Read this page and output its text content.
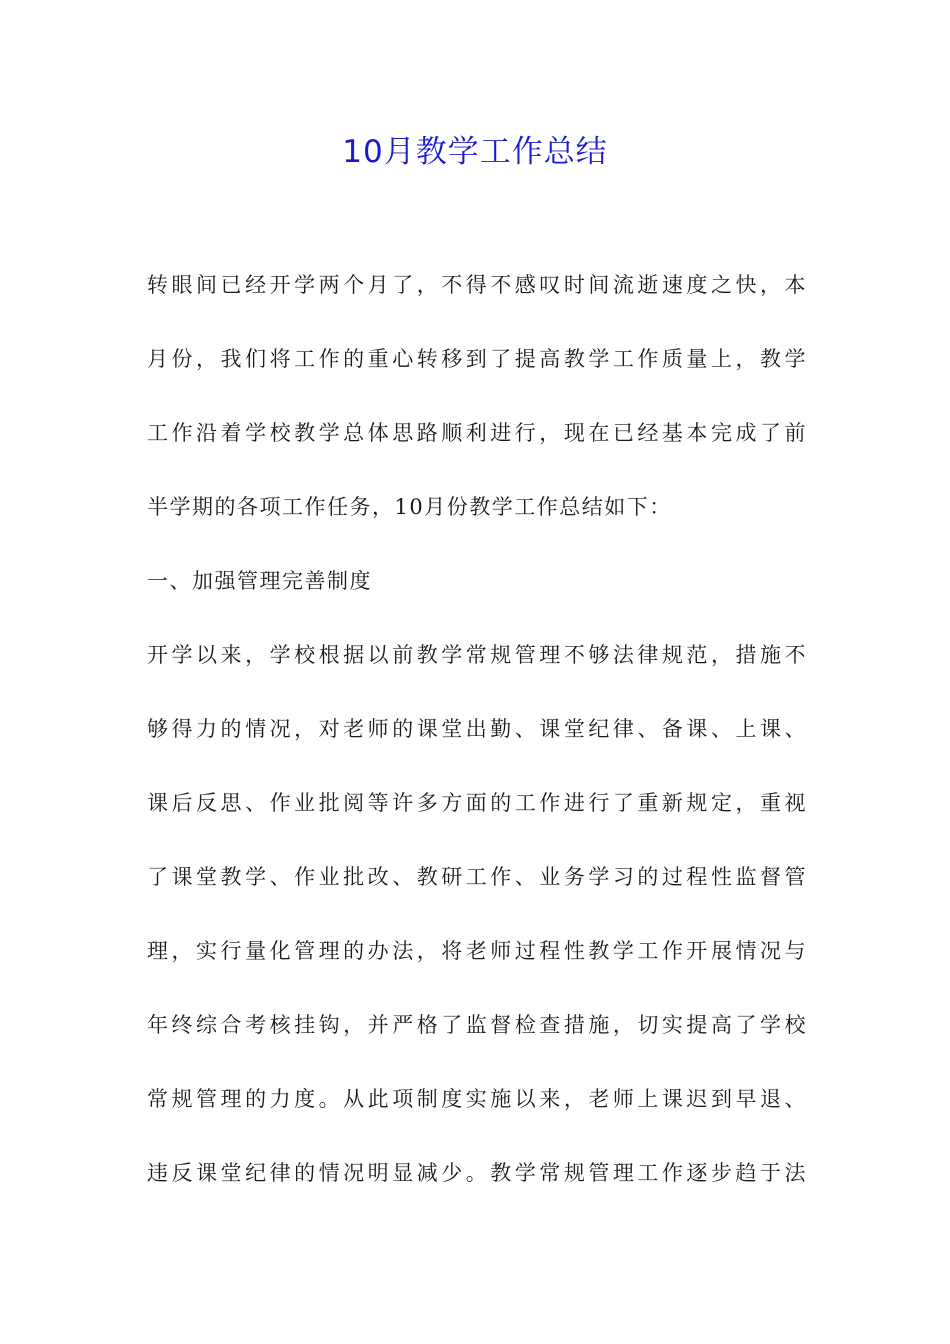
10月教学工作总结
转眼间已经开学两个月了，不得不感叹时间流逝速度之快，本
月份，我们将工作的重心转移到了提高教学工作质量上，教学
工作沿着学校教学总体思路顺利进行，现在已经基本完成了前
半学期的各项工作任务，10月份教学工作总结如下：
一、加强管理完善制度
开学以来，学校根据以前教学常规管理不够法律规范，措施不
够得力的情况，对老师的课堂出勤、课堂纪律、备课、上课、
课后反思、作业批阅等许多方面的工作进行了重新规定，重视
了课堂教学、作业批改、教研工作、业务学习的过程性监督管
理，实行量化管理的办法，将老师过程性教学工作开展情况与
年终综合考核挂钩，并严格了监督检查措施，切实提高了学校
常规管理的力度。从此项制度实施以来，老师上课迟到早退、
违反课堂纪律的情况明显减少。教学常规管理工作逐步趋于法
